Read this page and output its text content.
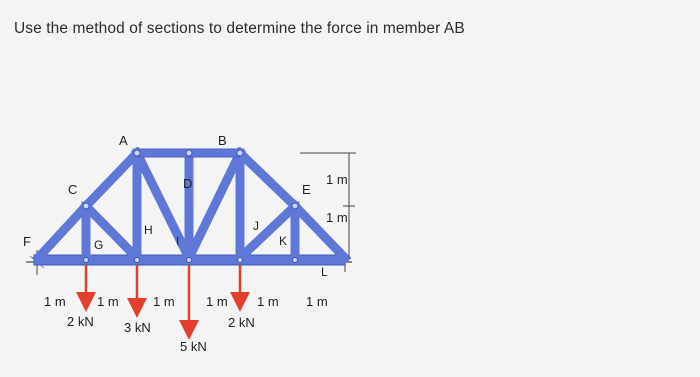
Use the method of sections to determine the force in member AB
A	B
C	D	E
F	G
H
I
J
K
L
2 kN 3 kN
5 kN
2 kN
1 m 1 m	1 m 1 m 1 m 1 m
1 m
1 m
